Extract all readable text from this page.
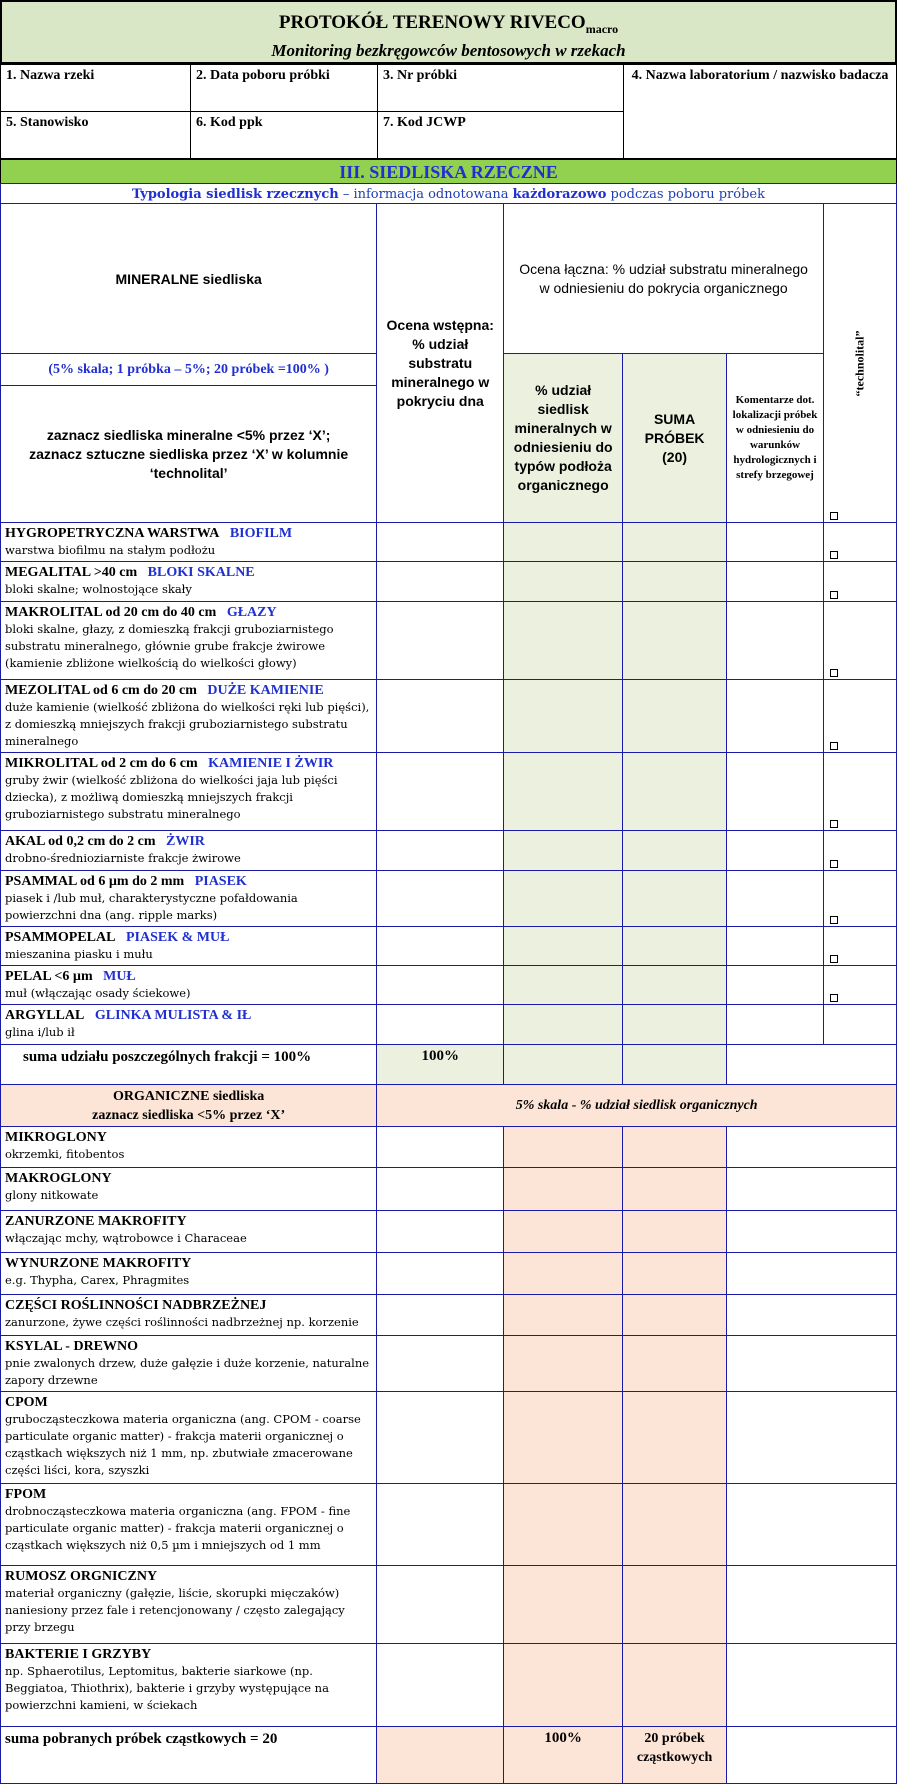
PROTOKÓŁ TERENOWY $RIVECO_{macro}$
Monitoring bezkręgowców bentosowych w rzekach
1. Nazwa rzeki	2. Data poboru próbki	3. Nr próbki	4. Nazwa laboratorium / nazwisko badacza
5. Stanowisko	6. Kod ppk	7. Kod JCWP
III. SIEDLISKA RZECZNE
Typologia siedlisk rzecznych – informacja odnotowana każdorazowo podczas poboru próbek
MINERALNE siedliska	Ocena wstępna: % udział substratu mineralnego w pokryciu dna	Ocena łączna: % udział substratu mineralnego w odniesieniu do pokrycia organicznego			“technolital”

(5% skala; 1 próbka – 5%; 20 próbek =100% )		% udział siedlisk mineralnych w odniesieniu do typów podłoża organicznego	SUMA PRÓBEK (20)	Komentarze dot. lokalizacji próbek w odniesieniu do warunków hydrologicznych i strefy brzegowej	
zaznacz siedliska mineralne <5% przez ‘X’; zaznacz sztuczne siedliska przez ‘X’ w kolumnie ‘technolital’					

HYGROPETRYCZNA WARSTWA BIOFILM
warstwa biofilmu na stałym podłożu					

MEGALITAL >40 cm BLOKI SKALNE
bloki skalne; wolnostojące skały					

MAKROLITAL od 20 cm do 40 cm GŁAZY
bloki skalne, głazy, z domieszką frakcji gruboziarnistego substratu mineralnego, głównie grube frakcje żwirowe (kamienie zbliżone wielkością do wielkości głowy)					

MEZOLITAL od 6 cm do 20 cm DUŻE KAMIENIE
duże kamienie (wielkość zbliżona do wielkości ręki lub pięści), z domieszką mniejszych frakcji gruboziarnistego substratu mineralnego					

MIKROLITAL od 2 cm do 6 cm KAMIENIE I ŻWIR
gruby żwir (wielkość zbliżona do wielkości jaja lub pięści dziecka), z możliwą domieszką mniejszych frakcji gruboziarnistego substratu mineralnego					

AKAL od 0,2 cm do 2 cm ŻWIR
drobno-średnioziarniste frakcje żwirowe					

PSAMMAL od 6 µm do 2 mm PIASEK
piasek i /lub muł, charakterystyczne pofałdowania powierzchni dna (ang. ripple marks)					

PSAMMOPELAL PIASEK & MUŁ
mieszanina piasku i mułu					

PELAL <6 µm MUŁ
muł (włączając osady ściekowe)					

ARGYLLAL GLINKA MULISTA & IŁ
glina i/lub ił					

suma udziału poszczególnych frakcji = 100%	100%				

ORGANICZNE siedliska
zaznacz siedliska <5% przez ‘X’	5% skala - % udział siedlisk organicznych				

MIKROGLONY
okrzemki, fitobentos					

MAKROGLONY
glony nitkowate					

ZANURZONE MAKROFITY
włączając mchy, wątrobowce i Characeae					

WYNURZONE MAKROFITY
e.g. Thypha, Carex, Phragmites					

CZĘŚCI ROŚLINNOŚCI NADBRZEŻNEJ
zanurzone, żywe części roślinności nadbrzeżnej np. korzenie					

KSYLAL - DREWNO
pnie zwalonych drzew, duże gałęzie i duże korzenie, naturalne zapory drzewne					

CPOM
grubocząsteczkowa materia organiczna (ang. CPOM - coarse particulate organic matter) - frakcja materii organicznej o cząstkach większych niż 1 mm, np. zbutwiałe zmacerowane części liści, kora, szyszki					

FPOM
drobnocząsteczkowa materia organiczna (ang. FPOM - fine particulate organic matter) - frakcja materii organicznej o cząstkach większych niż 0,5 µm i mniejszych od 1 mm					

RUMOSZ ORGNICZNY
materiał organiczny (gałęzie, liście, skorupki mięczaków) naniesiony przez fale i retencjonowany / często zalegający przy brzegu					

BAKTERIE I GRZYBY
np. Sphaerotilus, Leptomitus, bakterie siarkowe (np. Beggiatoa, Thiothrix), bakterie i grzyby występujące na powierzchni kamieni, w ściekach					

suma pobranych próbek cząstkowych = 20		100%	20 próbek cząstkowych		
